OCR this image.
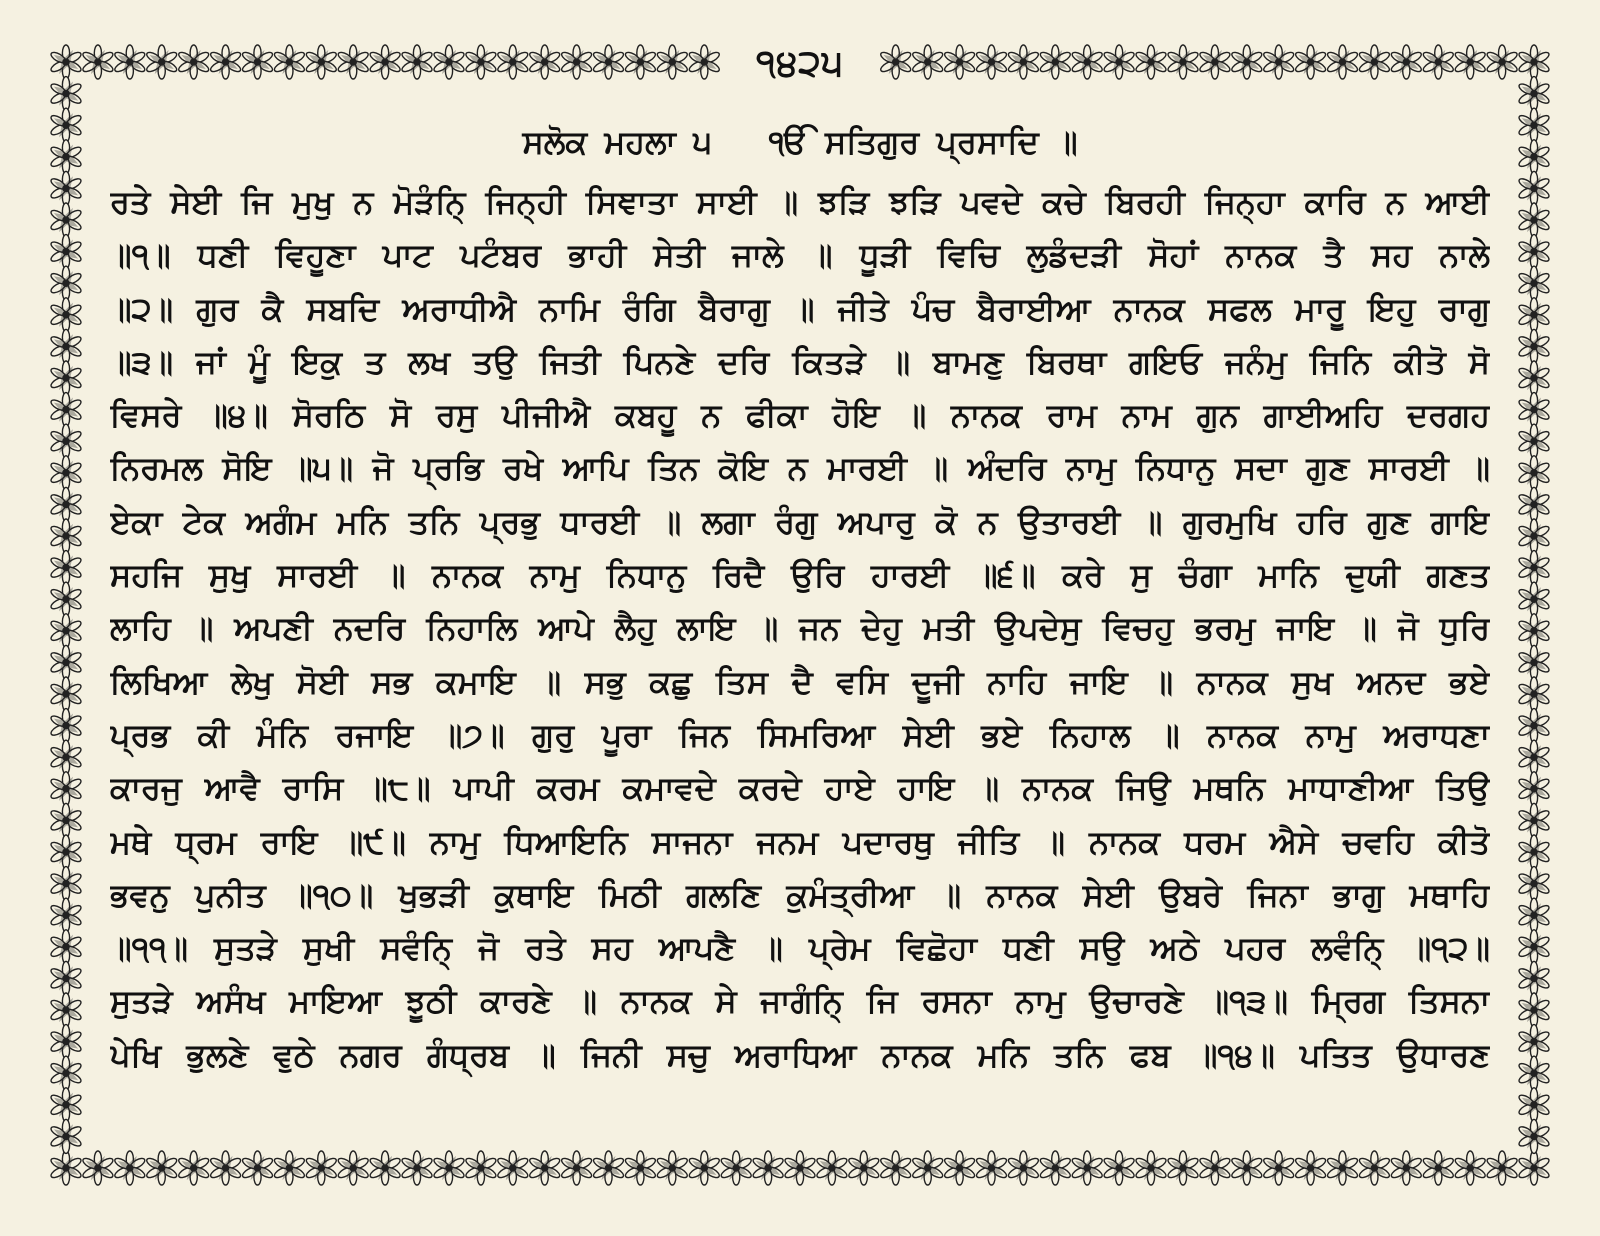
੧੪੨੫
ਸਲੋਕ ਮਹਲਾ ੫ ੴ ਸਤਿਗੁਰ ਪ੍ਰਸਾਦਿ ॥
ਰਤੇ ਸੇਈ ਜਿ ਮੁਖੁ ਨ ਮੋੜੰਨਿ੍ ਜਿਨ੍ਹੀ ਸਿਞਾਤਾ ਸਾਈ ॥ ਝੜਿ ਝੜਿ ਪਵਦੇ ਕਚੇ ਬਿਰਹੀ ਜਿਨ੍ਹਾ ਕਾਰਿ ਨ ਆਈ
॥੧॥ ਧਣੀ ਵਿਹੂਣਾ ਪਾਟ ਪਟੰਬਰ ਭਾਹੀ ਸੇਤੀ ਜਾਲੇ ॥ ਧੂੜੀ ਵਿਚਿ ਲੁਡੰਦੜੀ ਸੋਹਾਂ ਨਾਨਕ ਤੈ ਸਹ ਨਾਲੇ
॥੨॥ ਗੁਰ ਕੈ ਸਬਦਿ ਅਰਾਧੀਐ ਨਾਮਿ ਰੰਗਿ ਬੈਰਾਗੁ ॥ ਜੀਤੇ ਪੰਚ ਬੈਰਾਈਆ ਨਾਨਕ ਸਫਲ ਮਾਰੂ ਇਹੁ ਰਾਗੁ
॥੩॥ ਜਾਂ ਮੂੰ ਇਕੁ ਤ ਲਖ ਤਉ ਜਿਤੀ ਪਿਨਣੇ ਦਰਿ ਕਿਤੜੇ ॥ ਬਾਮਣੁ ਬਿਰਥਾ ਗਇਓ ਜਨੰਮੁ ਜਿਨਿ ਕੀਤੋ ਸੋ
ਵਿਸਰੇ ॥੪॥ ਸੋਰਠਿ ਸੋ ਰਸੁ ਪੀਜੀਐ ਕਬਹੂ ਨ ਫੀਕਾ ਹੋਇ ॥ ਨਾਨਕ ਰਾਮ ਨਾਮ ਗੁਨ ਗਾਈਅਹਿ ਦਰਗਹ
ਨਿਰਮਲ ਸੋਇ ॥੫॥ ਜੋ ਪ੍ਰਭਿ ਰਖੇ ਆਪਿ ਤਿਨ ਕੋਇ ਨ ਮਾਰਈ ॥ ਅੰਦਰਿ ਨਾਮੁ ਨਿਧਾਨੁ ਸਦਾ ਗੁਣ ਸਾਰਈ ॥
ਏਕਾ ਟੇਕ ਅਗੰਮ ਮਨਿ ਤਨਿ ਪ੍ਰਭੁ ਧਾਰਈ ॥ ਲਗਾ ਰੰਗੁ ਅਪਾਰੁ ਕੋ ਨ ਉਤਾਰਈ ॥ ਗੁਰਮੁਖਿ ਹਰਿ ਗੁਣ ਗਾਇ
ਸਹਜਿ ਸੁਖੁ ਸਾਰਈ ॥ ਨਾਨਕ ਨਾਮੁ ਨਿਧਾਨੁ ਰਿਦੈ ਉਰਿ ਹਾਰਈ ॥੬॥ ਕਰੇ ਸੁ ਚੰਗਾ ਮਾਨਿ ਦੁਯੀ ਗਣਤ
ਲਾਹਿ ॥ ਅਪਣੀ ਨਦਰਿ ਨਿਹਾਲਿ ਆਪੇ ਲੈਹੁ ਲਾਇ ॥ ਜਨ ਦੇਹੁ ਮਤੀ ਉਪਦੇਸੁ ਵਿਚਹੁ ਭਰਮੁ ਜਾਇ ॥ ਜੋ ਧੁਰਿ
ਲਿਖਿਆ ਲੇਖੁ ਸੋਈ ਸਭ ਕਮਾਇ ॥ ਸਭੁ ਕਛੁ ਤਿਸ ਦੈ ਵਸਿ ਦੂਜੀ ਨਾਹਿ ਜਾਇ ॥ ਨਾਨਕ ਸੁਖ ਅਨਦ ਭਏ
ਪ੍ਰਭ ਕੀ ਮੰਨਿ ਰਜਾਇ ॥੭॥ ਗੁਰੁ ਪੂਰਾ ਜਿਨ ਸਿਮਰਿਆ ਸੇਈ ਭਏ ਨਿਹਾਲ ॥ ਨਾਨਕ ਨਾਮੁ ਅਰਾਧਣਾ
ਕਾਰਜੁ ਆਵੈ ਰਾਸਿ ॥੮॥ ਪਾਪੀ ਕਰਮ ਕਮਾਵਦੇ ਕਰਦੇ ਹਾਏ ਹਾਇ ॥ ਨਾਨਕ ਜਿਉ ਮਥਨਿ ਮਾਧਾਣੀਆ ਤਿਉ
ਮਥੇ ਧ੍ਰਮ ਰਾਇ ॥੯॥ ਨਾਮੁ ਧਿਆਇਨਿ ਸਾਜਨਾ ਜਨਮ ਪਦਾਰਥੁ ਜੀਤਿ ॥ ਨਾਨਕ ਧਰਮ ਐਸੇ ਚਵਹਿ ਕੀਤੋ
ਭਵਨੁ ਪੁਨੀਤ ॥੧੦॥ ਖੁਭੜੀ ਕੁਥਾਇ ਮਿਠੀ ਗਲਣਿ ਕੁਮੰਤ੍ਰੀਆ ॥ ਨਾਨਕ ਸੇਈ ਉਬਰੇ ਜਿਨਾ ਭਾਗੁ ਮਥਾਹਿ
॥੧੧॥ ਸੁਤੜੇ ਸੁਖੀ ਸਵੰਨਿ੍ ਜੋ ਰਤੇ ਸਹ ਆਪਣੈ ॥ ਪ੍ਰੇਮ ਵਿਛੋਹਾ ਧਣੀ ਸਉ ਅਠੇ ਪਹਰ ਲਵੰਨਿ੍ ॥੧੨॥
ਸੁਤੜੇ ਅਸੰਖ ਮਾਇਆ ਝੂਠੀ ਕਾਰਣੇ ॥ ਨਾਨਕ ਸੇ ਜਾਗੰਨਿ੍ ਜਿ ਰਸਨਾ ਨਾਮੁ ਉਚਾਰਣੇ ॥੧੩॥ ਮ੍ਰਿਗ ਤਿਸਨਾ
ਪੇਖਿ ਭੁਲਣੇ ਵੁਠੇ ਨਗਰ ਗੰਧ੍ਰਬ ॥ ਜਿਨੀ ਸਚੁ ਅਰਾਧਿਆ ਨਾਨਕ ਮਨਿ ਤਨਿ ਫਬ ॥੧੪॥ ਪਤਿਤ ਉਧਾਰਣ
